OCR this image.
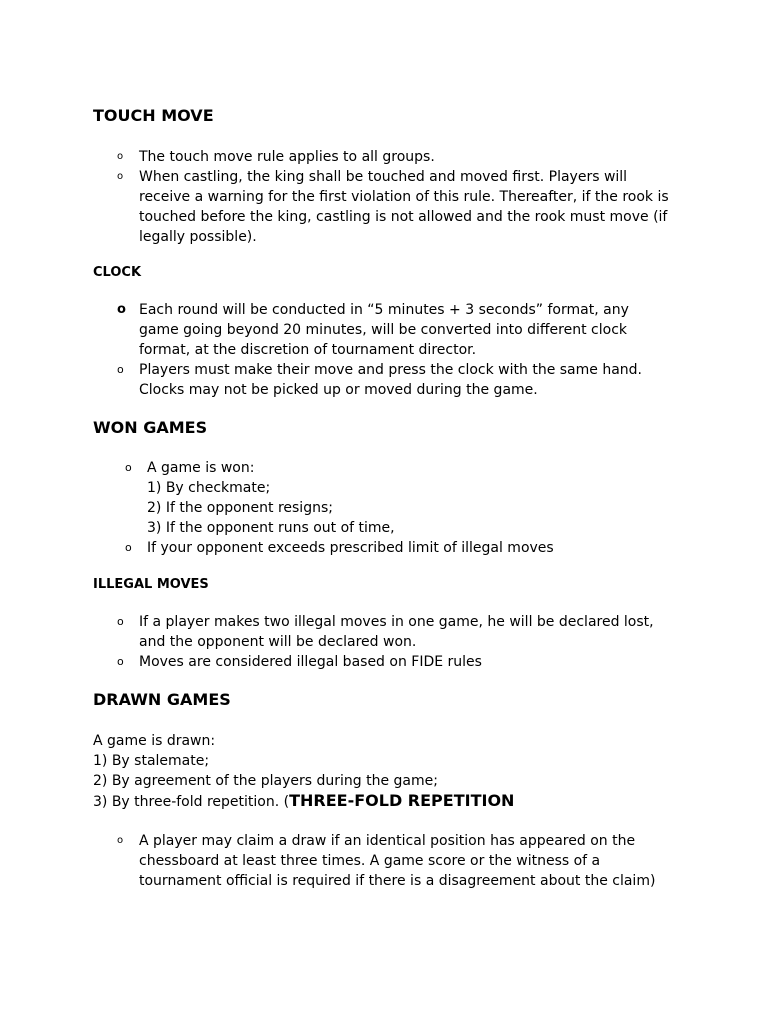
TOUCH MOVE
o The touch move rule applies to all groups.
o When castling, the king shall be touched and moved first. Players will receive a warning for the first violation of this rule. Thereafter, if the rook is touched before the king, castling is not allowed and the rook must move (if legally possible).
CLOCK
o Each round will be conducted in “5 minutes + 3 seconds” format, any game going beyond 20 minutes, will be converted into different clock format, at the discretion of tournament director.
o Players must make their move and press the clock with the same hand. Clocks may not be picked up or moved during the game.
WON GAMES
o A game is won:
1) By checkmate;
2) If the opponent resigns;
3) If the opponent runs out of time,
o If your opponent exceeds prescribed limit of illegal moves
ILLEGAL MOVES
o If a player makes two illegal moves in one game, he will be declared lost, and the opponent will be declared won.
o Moves are considered illegal based on FIDE rules
DRAWN GAMES
A game is drawn:
1) By stalemate;
2) By agreement of the players during the game;
3) By three-fold repetition. (THREE-FOLD REPETITION
o A player may claim a draw if an identical position has appeared on the chessboard at least three times. A game score or the witness of a tournament official is required if there is a disagreement about the claim)
